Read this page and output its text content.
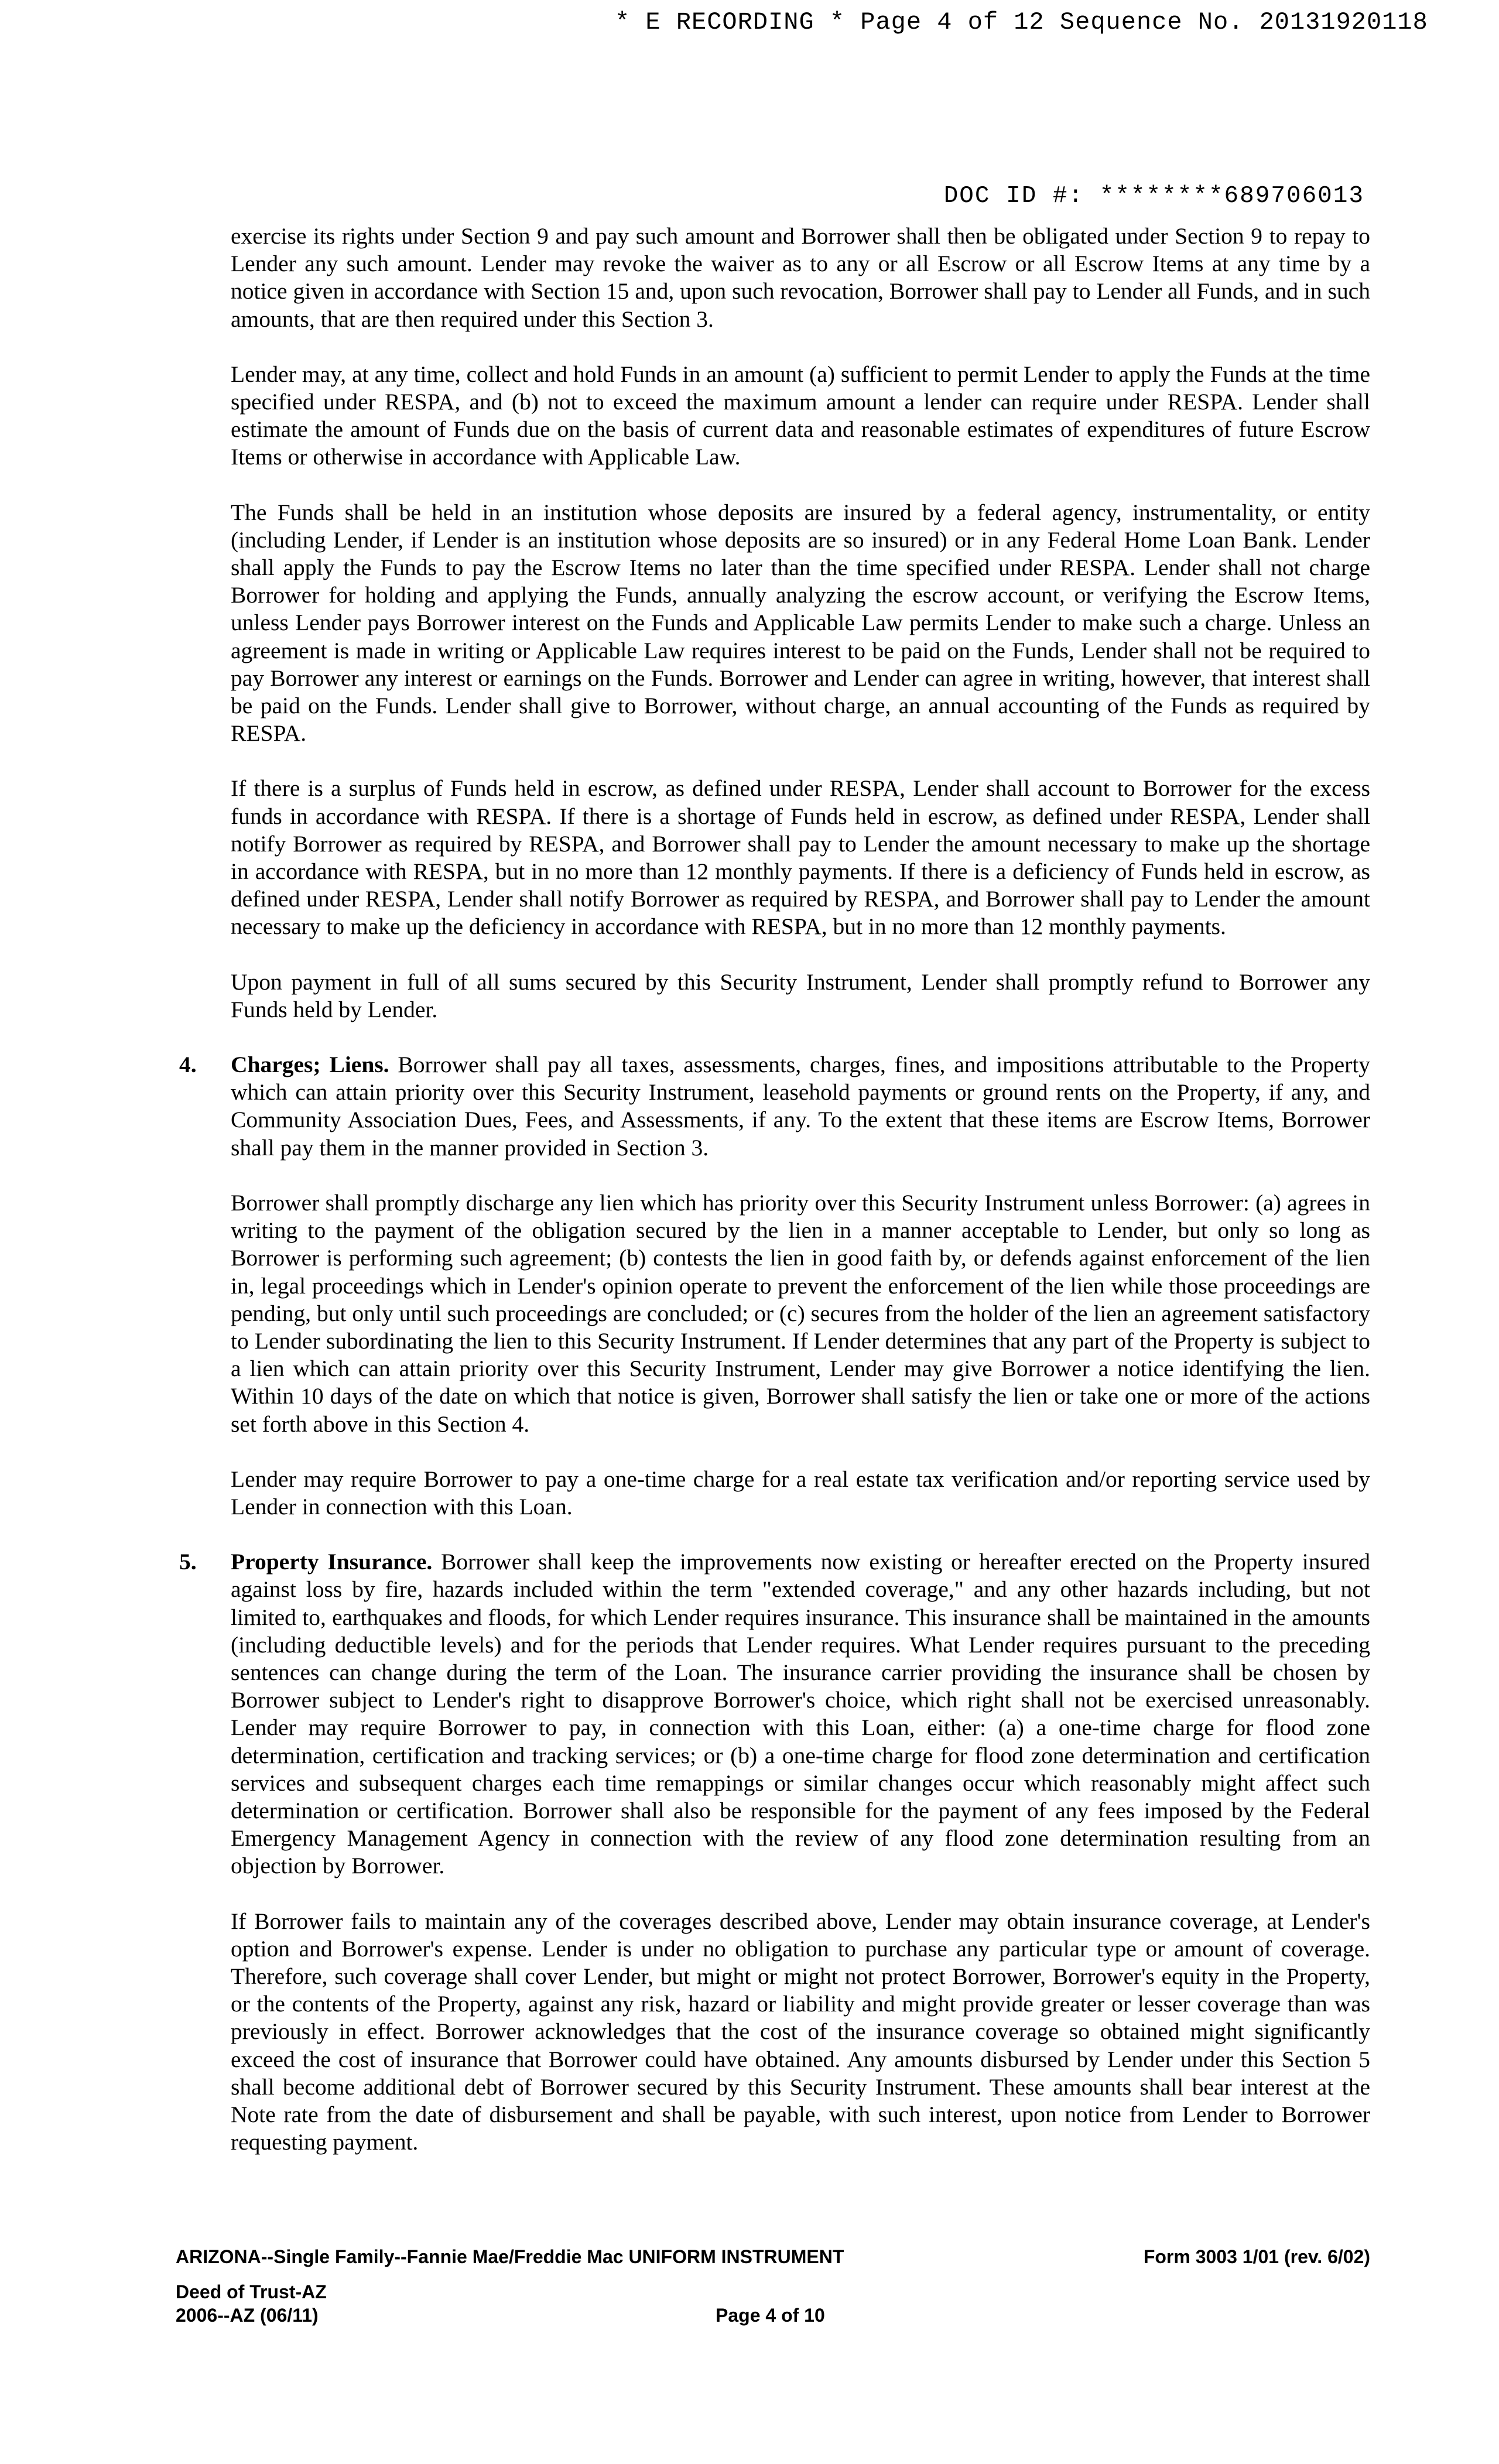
* E RECORDING * Page 4 of 12 Sequence No. 20131920118
DOC ID #: ********689706013

exercise its rights under Section 9 and pay such amount and Borrower shall then be obligated under Section 9 to repay to Lender any such amount. Lender may revoke the waiver as to any or all Escrow or all Escrow Items at any time by a notice given in accordance with Section 15 and, upon such revocation, Borrower shall pay to Lender all Funds, and in such amounts, that are then required under this Section 3.

Lender may, at any time, collect and hold Funds in an amount (a) sufficient to permit Lender to apply the Funds at the time specified under RESPA, and (b) not to exceed the maximum amount a lender can require under RESPA. Lender shall estimate the amount of Funds due on the basis of current data and reasonable estimates of expenditures of future Escrow Items or otherwise in accordance with Applicable Law.

The Funds shall be held in an institution whose deposits are insured by a federal agency, instrumentality, or entity (including Lender, if Lender is an institution whose deposits are so insured) or in any Federal Home Loan Bank. Lender shall apply the Funds to pay the Escrow Items no later than the time specified under RESPA. Lender shall not charge Borrower for holding and applying the Funds, annually analyzing the escrow account, or verifying the Escrow Items, unless Lender pays Borrower interest on the Funds and Applicable Law permits Lender to make such a charge. Unless an agreement is made in writing or Applicable Law requires interest to be paid on the Funds, Lender shall not be required to pay Borrower any interest or earnings on the Funds. Borrower and Lender can agree in writing, however, that interest shall be paid on the Funds. Lender shall give to Borrower, without charge, an annual accounting of the Funds as required by RESPA.

If there is a surplus of Funds held in escrow, as defined under RESPA, Lender shall account to Borrower for the excess funds in accordance with RESPA. If there is a shortage of Funds held in escrow, as defined under RESPA, Lender shall notify Borrower as required by RESPA, and Borrower shall pay to Lender the amount necessary to make up the shortage in accordance with RESPA, but in no more than 12 monthly payments. If there is a deficiency of Funds held in escrow, as defined under RESPA, Lender shall notify Borrower as required by RESPA, and Borrower shall pay to Lender the amount necessary to make up the deficiency in accordance with RESPA, but in no more than 12 monthly payments.

Upon payment in full of all sums secured by this Security Instrument, Lender shall promptly refund to Borrower any Funds held by Lender.

4. Charges; Liens. Borrower shall pay all taxes, assessments, charges, fines, and impositions attributable to the Property which can attain priority over this Security Instrument, leasehold payments or ground rents on the Property, if any, and Community Association Dues, Fees, and Assessments, if any. To the extent that these items are Escrow Items, Borrower shall pay them in the manner provided in Section 3.

Borrower shall promptly discharge any lien which has priority over this Security Instrument unless Borrower: (a) agrees in writing to the payment of the obligation secured by the lien in a manner acceptable to Lender, but only so long as Borrower is performing such agreement; (b) contests the lien in good faith by, or defends against enforcement of the lien in, legal proceedings which in Lender's opinion operate to prevent the enforcement of the lien while those proceedings are pending, but only until such proceedings are concluded; or (c) secures from the holder of the lien an agreement satisfactory to Lender subordinating the lien to this Security Instrument. If Lender determines that any part of the Property is subject to a lien which can attain priority over this Security Instrument, Lender may give Borrower a notice identifying the lien. Within 10 days of the date on which that notice is given, Borrower shall satisfy the lien or take one or more of the actions set forth above in this Section 4.

Lender may require Borrower to pay a one-time charge for a real estate tax verification and/or reporting service used by Lender in connection with this Loan.

5. Property Insurance. Borrower shall keep the improvements now existing or hereafter erected on the Property insured against loss by fire, hazards included within the term "extended coverage," and any other hazards including, but not limited to, earthquakes and floods, for which Lender requires insurance. This insurance shall be maintained in the amounts (including deductible levels) and for the periods that Lender requires. What Lender requires pursuant to the preceding sentences can change during the term of the Loan. The insurance carrier providing the insurance shall be chosen by Borrower subject to Lender's right to disapprove Borrower's choice, which right shall not be exercised unreasonably. Lender may require Borrower to pay, in connection with this Loan, either: (a) a one-time charge for flood zone determination, certification and tracking services; or (b) a one-time charge for flood zone determination and certification services and subsequent charges each time remappings or similar changes occur which reasonably might affect such determination or certification. Borrower shall also be responsible for the payment of any fees imposed by the Federal Emergency Management Agency in connection with the review of any flood zone determination resulting from an objection by Borrower.

If Borrower fails to maintain any of the coverages described above, Lender may obtain insurance coverage, at Lender's option and Borrower's expense. Lender is under no obligation to purchase any particular type or amount of coverage. Therefore, such coverage shall cover Lender, but might or might not protect Borrower, Borrower's equity in the Property, or the contents of the Property, against any risk, hazard or liability and might provide greater or lesser coverage than was previously in effect. Borrower acknowledges that the cost of the insurance coverage so obtained might significantly exceed the cost of insurance that Borrower could have obtained. Any amounts disbursed by Lender under this Section 5 shall become additional debt of Borrower secured by this Security Instrument. These amounts shall bear interest at the Note rate from the date of disbursement and shall be payable, with such interest, upon notice from Lender to Borrower requesting payment.

ARIZONA--Single Family--Fannie Mae/Freddie Mac UNIFORM INSTRUMENT	Form 3003 1/01 (rev. 6/02)
Deed of Trust-AZ
2006--AZ (06/11)	Page 4 of 10
